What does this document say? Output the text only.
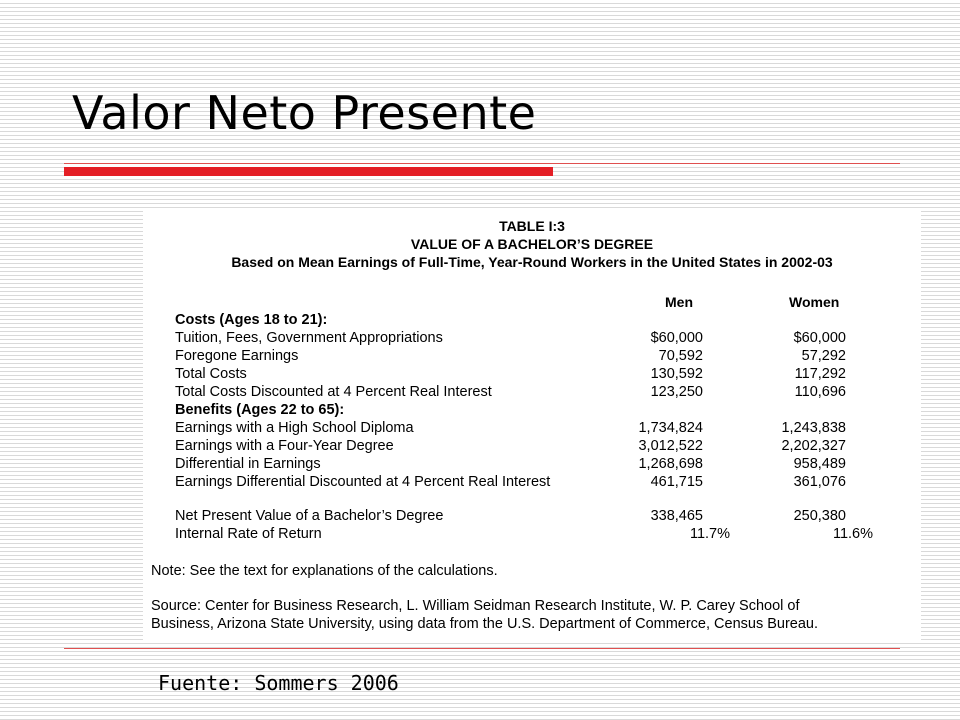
Valor Neto Presente

TABLE I:3

VALUE OF A BACHELOR’S DEGREE

Based on Mean Earnings of Full-Time, Year-Round Workers in the United States in 2002-03

Men	Women
Costs (Ages 18 to 21):
Tuition, Fees, Government Appropriations	$60,000	$60,000
Foregone Earnings	70,592	57,292
Total Costs	130,592	117,292
Total Costs Discounted at 4 Percent Real Interest	123,250	110,696
Benefits (Ages 22 to 65):
Earnings with a High School Diploma	1,734,824	1,243,838
Earnings with a Four-Year Degree	3,012,522	2,202,327
Differential in Earnings	1,268,698	958,489
Earnings Differential Discounted at 4 Percent Real Interest	461,715	361,076
Net Present Value of a Bachelor’s Degree	338,465	250,380
Internal Rate of Return	11.7%	11.6%

Note: See the text for explanations of the calculations.

Source: Center for Business Research, L. William Seidman Research Institute, W. P. Carey School of

Business, Arizona State University, using data from the U.S. Department of Commerce, Census Bureau.

Fuente: Sommers 2006
